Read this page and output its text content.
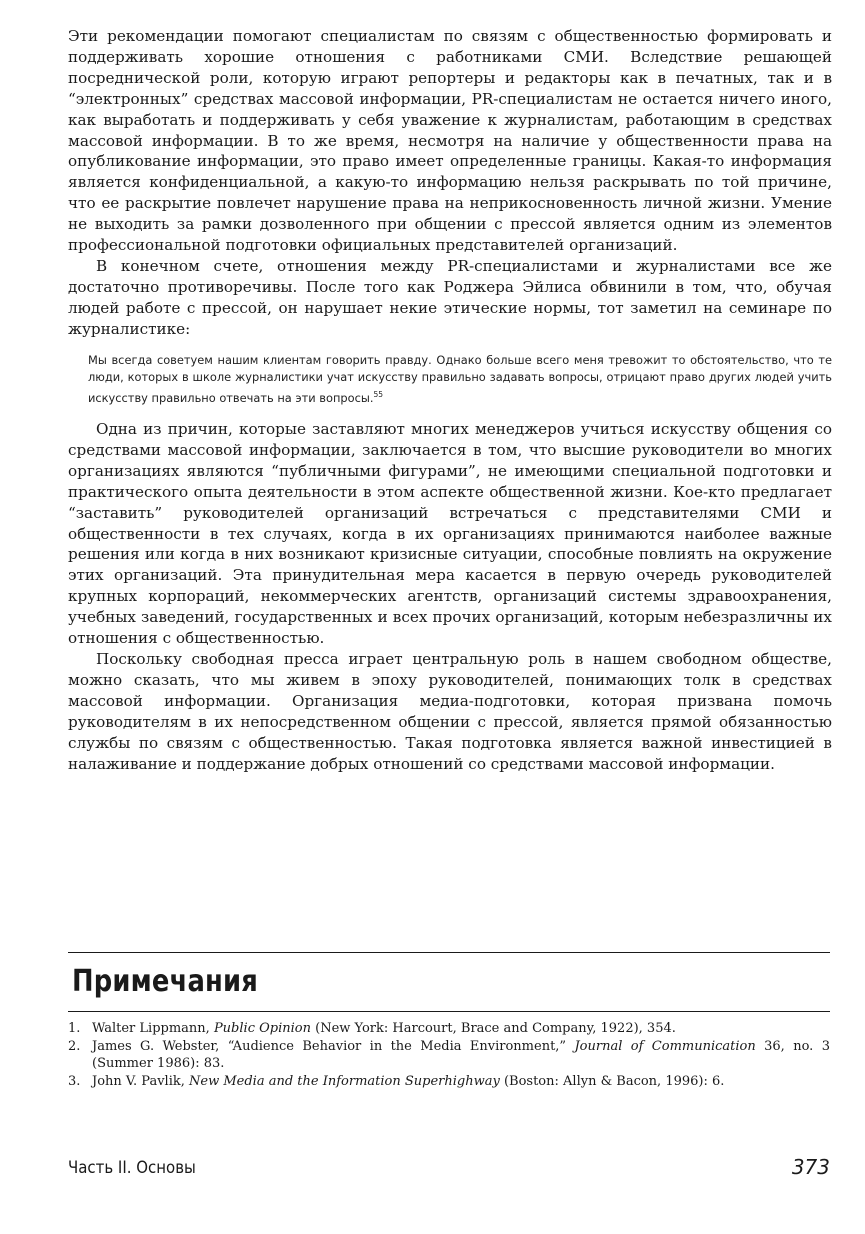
Эти рекомендации помогают специалистам по связям с общественностью формировать и поддерживать хорошие отношения с работниками СМИ. Вследствие решающей посреднической роли, которую играют репортеры и редакторы как в печатных, так и в “электронных” средствах массовой информации, PR-специалистам не остается ничего иного, как выработать и поддерживать у себя уважение к журналистам, работающим в средствах массовой информации. В то же время, несмотря на наличие у общественности права на опубликование информации, это право имеет определенные границы. Какая-то информация является конфиденциальной, а какую-то информацию нельзя раскрывать по той причине, что ее раскрытие повлечет нарушение права на неприкосновенность личной жизни. Умение не выходить за рамки дозволенного при общении с прессой является одним из элементов профессиональной подготовки официальных представителей организаций.

В конечном счете, отношения между PR-специалистами и журналистами все же достаточно противоречивы. После того как Роджера Эйлиса обвинили в том, что, обучая людей работе с прессой, он нарушает некие этические нормы, тот заметил на семинаре по журналистике:

Мы всегда советуем нашим клиентам говорить правду. Однако больше всего меня тревожит то обстоятельство, что те люди, которых в школе журналистики учат искусству правильно задавать вопросы, отрицают право других людей учить искусству правильно отвечать на эти вопросы.$^{55}$

Одна из причин, которые заставляют многих менеджеров учиться искусству общения со средствами массовой информации, заключается в том, что высшие руководители во многих организациях являются “публичными фигурами”, не имеющими специальной подготовки и практического опыта деятельности в этом аспекте общественной жизни. Кое-кто предлагает “заставить” руководителей организаций встречаться с представителями СМИ и общественности в тех случаях, когда в их организациях принимаются наиболее важные решения или когда в них возникают кризисные ситуации, способные повлиять на окружение этих организаций. Эта принудительная мера касается в первую очередь руководителей крупных корпораций, некоммерческих агентств, организаций системы здравоохранения, учебных заведений, государственных и всех прочих организаций, которым небезразличны их отношения с общественностью.

Поскольку свободная пресса играет центральную роль в нашем свободном обществе, можно сказать, что мы живем в эпоху руководителей, понимающих толк в средствах массовой информации. Организация медиа-подготовки, которая призвана помочь руководителям в их непосредственном общении с прессой, является прямой обязанностью службы по связям с общественностью. Такая подготовка является важной инвестицией в налаживание и поддержание добрых отношений со средствами массовой информации.

Примечания
1. Walter Lippmann, Public Opinion (New York: Harcourt, Brace and Company, 1922), 354.
2. James G. Webster, “Audience Behavior in the Media Environment,” Journal of Communication 36, no. 3 (Summer 1986): 83.
3. John V. Pavlik, New Media and the Information Superhighway (Boston: Allyn & Bacon, 1996): 6.
Часть II. Основы	373
